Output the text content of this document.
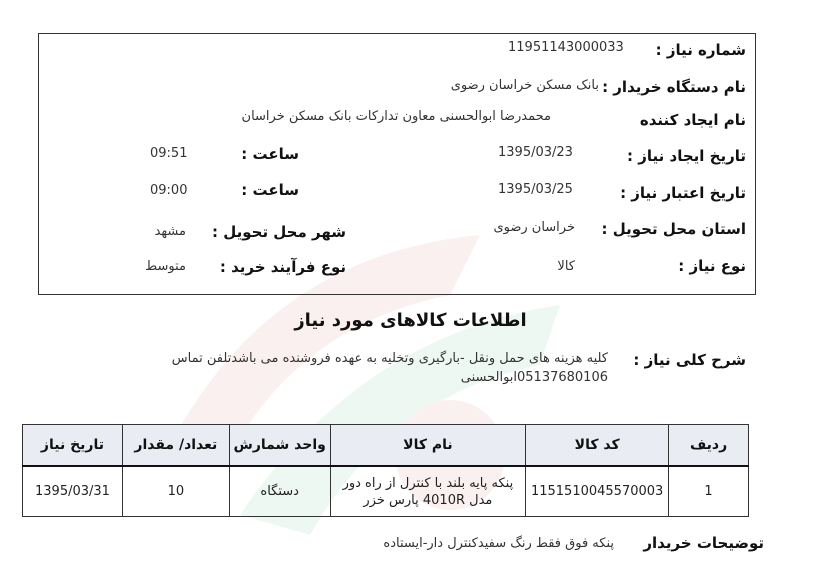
شماره نیاز :
11951143000033
نام دستگاه خریدار :
بانک مسکن خراسان رضوی
نام ایجاد کننده
محمدرضا ابوالحسنی معاون تدارکات بانک مسکن خراسان
تاریخ ایجاد نیاز :
1395/03/23
ساعت :
09:51
تاریخ اعتبار نیاز :
1395/03/25
ساعت :
09:00
استان محل تحویل :
خراسان رضوی
شهر محل تحویل :
مشهد
نوع نیاز :
کالا
نوع فرآیند خرید :
متوسط
اطلاعات کالاهای مورد نیاز
شرح کلی نیاز :
کلیه هزینه های حمل ونقل -بارگیری وتخلیه به عهده فروشنده می باشدتلفن تماس
05137680106ابوالحسنی
ردیف	کد کالا	نام کالا	واحد شمارش	تعداد/ مقدار	تاریخ نیاز
1	1151510045570003	پنکه پایه بلند با کنترل از راه دور
مدل 4010R پارس خزر	دستگاه	10	1395/03/31
توضیحات خریدار
پنکه فوق فقط رنگ سفیدکنترل دار-ایستاده
